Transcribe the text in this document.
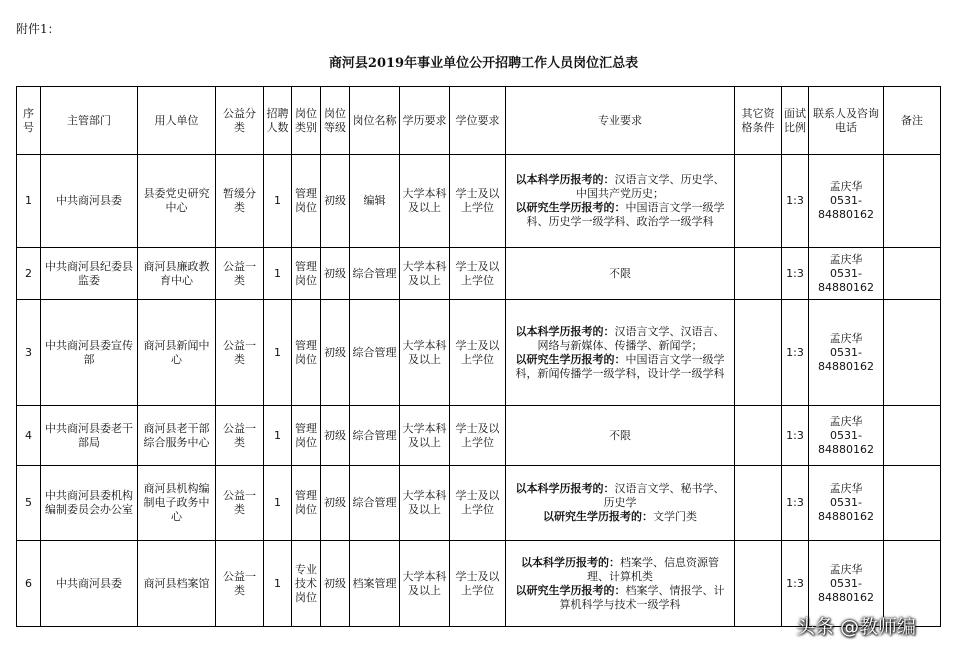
附件1：
商河县2019年事业单位公开招聘工作人员岗位汇总表
序号	主管部门	用人单位	公益分类	招聘人数	岗位类别	岗位等级	岗位名称	学历要求	学位要求	专业要求	其它资格条件	面试比例	联系人及咨询电话	备注
1	中共商河县委	县委党史研究中心	暂缓分类	1	管理岗位	初级	编辑	大学本科及以上	学士及以上学位	以本科学历报考的：汉语言文学、历史学、中国共产党历史；
以研究生学历报考的：中国语言文学一级学科、历史学一级学科、政治学一级学科		1:3	孟庆华
0531-
84880162	

2	中共商河县纪委县监委	商河县廉政教育中心	公益一类	1	管理岗位	初级	综合管理	大学本科及以上	学士及以上学位	不限		1:3	孟庆华
0531-
84880162	

3	中共商河县委宣传部	商河县新闻中心	公益一类	1	管理岗位	初级	综合管理	大学本科及以上	学士及以上学位	以本科学历报考的：汉语言文学、汉语言、网络与新媒体、传播学、新闻学；
以研究生学历报考的：中国语言文学一级学科，新闻传播学一级学科，设计学一级学科		1:3	孟庆华
0531-
84880162	

4	中共商河县委老干部局	商河县老干部综合服务中心	公益一类	1	管理岗位	初级	综合管理	大学本科及以上	学士及以上学位	不限		1:3	孟庆华
0531-
84880162	

5	中共商河县委机构编制委员会办公室	商河县机构编制电子政务中心	公益一类	1	管理岗位	初级	综合管理	大学本科及以上	学士及以上学位	以本科学历报考的：汉语言文学、秘书学、历史学
以研究生学历报考的：文学门类		1:3	孟庆华
0531-
84880162	

6	中共商河县委	商河县档案馆	公益一类	1	专业技术岗位	初级	档案管理	大学本科及以上	学士及以上学位	以本科学历报考的：档案学、信息资源管理、计算机类
以研究生学历报考的：档案学、情报学、计算机科学与技术一级学科		1:3	孟庆华
0531-
84880162	

头条 @教师编
